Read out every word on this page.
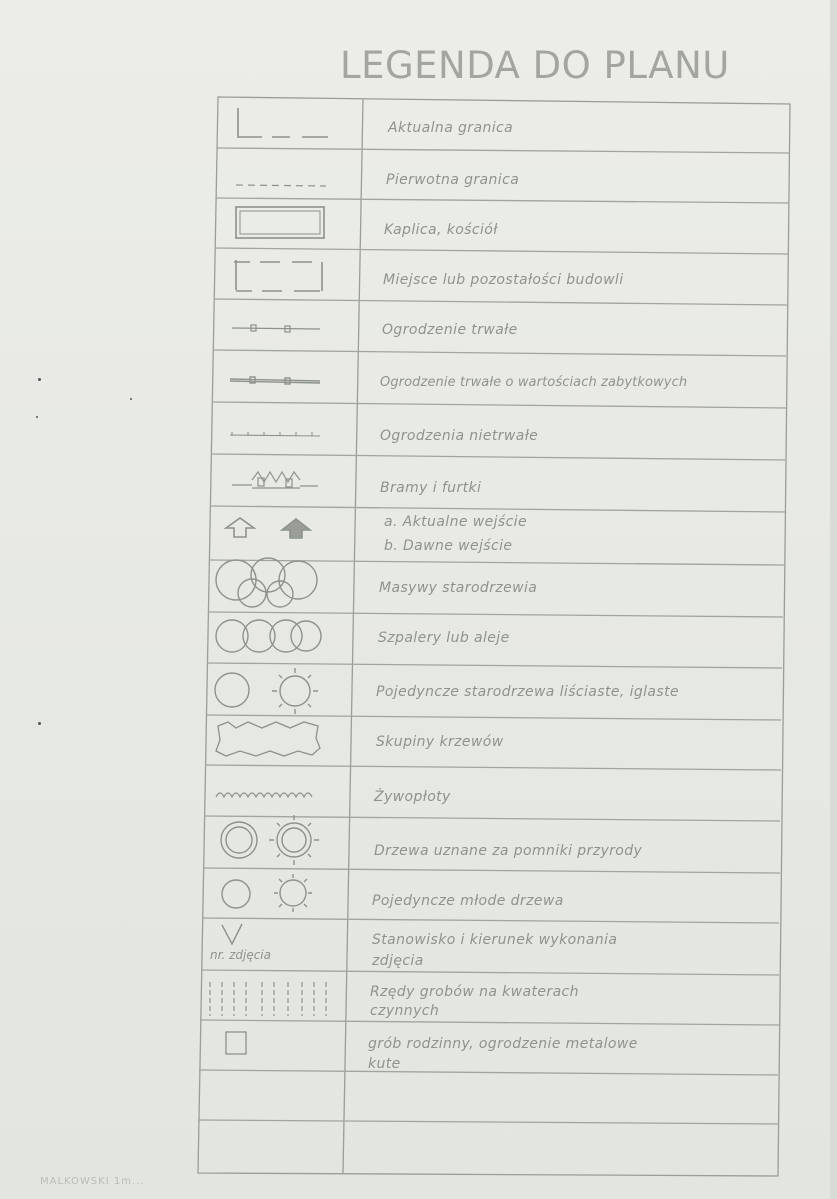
LEGENDA DO PLANU
Aktualna granica
Pierwotna granica
Kaplica, kościół
Miejsce lub pozostałości budowli
Ogrodzenie trwałe
Ogrodzenie trwałe o wartościach zabytkowych
Ogrodzenia nietrwałe
Bramy i furtki
a. Aktualne wejście
b. Dawne wejście
Masywy starodrzewia
Szpalery lub aleje
Pojedyncze starodrzewa liściaste, iglaste
Skupiny krzewów
Żywopłoty
Drzewa uznane za pomniki przyrody
Pojedyncze młode drzewa
Stanowisko i kierunek wykonania
zdjęcia
Rzędy grobów na kwaterach
czynnych
grób rodzinny, ogrodzenie metalowe
kute
nr. zdjęcia
MALKOWSKI 1m...
